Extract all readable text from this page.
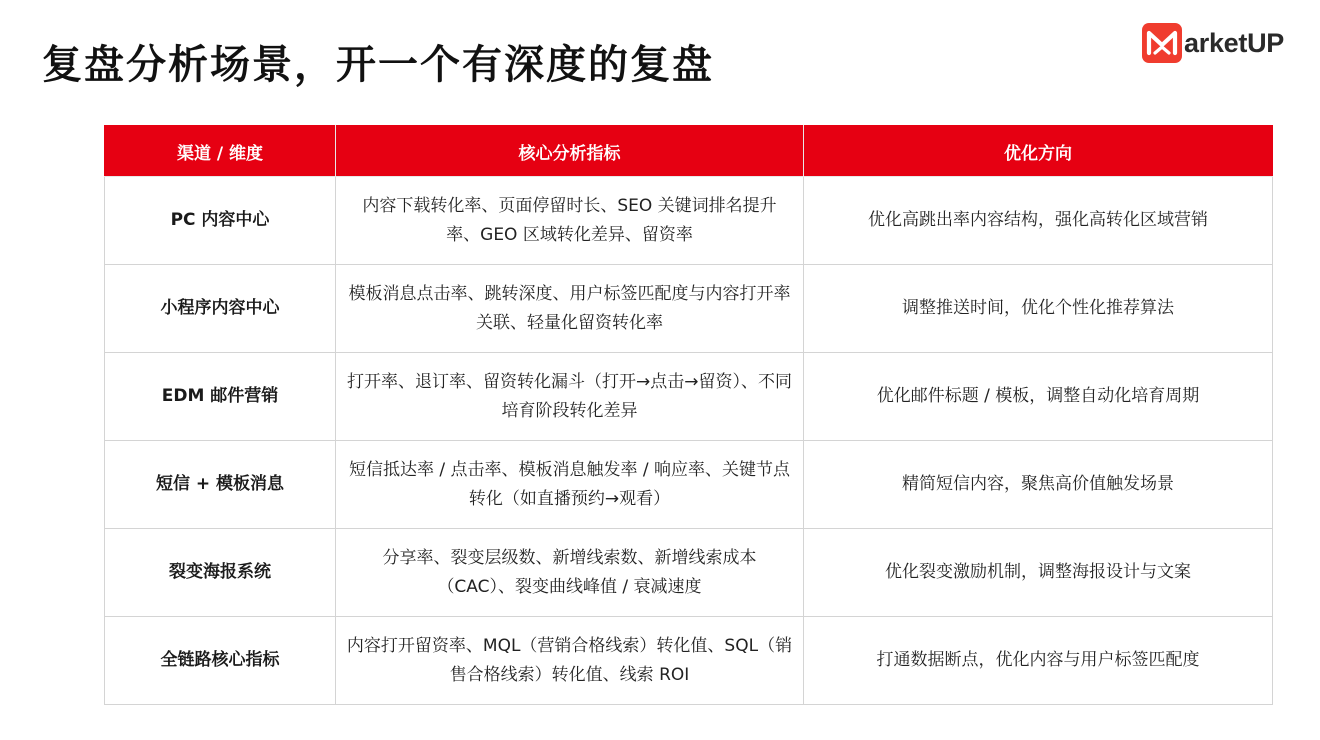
复盘分析场景，开一个有深度的复盘	arketUP
渠道 / 维度	核心分析指标	优化方向
PC 内容中心	内容下载转化率、页面停留时长、SEO 关键词排名提升率、GEO 区域转化差异、留资率	优化高跳出率内容结构，强化高转化区域营销
小程序内容中心	模板消息点击率、跳转深度、用户标签匹配度与内容打开率关联、轻量化留资转化率	调整推送时间，优化个性化推荐算法
EDM 邮件营销	打开率、退订率、留资转化漏斗（打开→点击→留资）、不同培育阶段转化差异	优化邮件标题 / 模板，调整自动化培育周期
短信 + 模板消息	短信抵达率 / 点击率、模板消息触发率 / 响应率、关键节点转化（如直播预约→观看）	精简短信内容，聚焦高价值触发场景
裂变海报系统	分享率、裂变层级数、新增线索数、新增线索成本（CAC）、裂变曲线峰值 / 衰减速度	优化裂变激励机制，调整海报设计与文案
全链路核心指标	内容打开留资率、MQL（营销合格线索）转化值、SQL（销售合格线索）转化值、线索 ROI	打通数据断点，优化内容与用户标签匹配度
